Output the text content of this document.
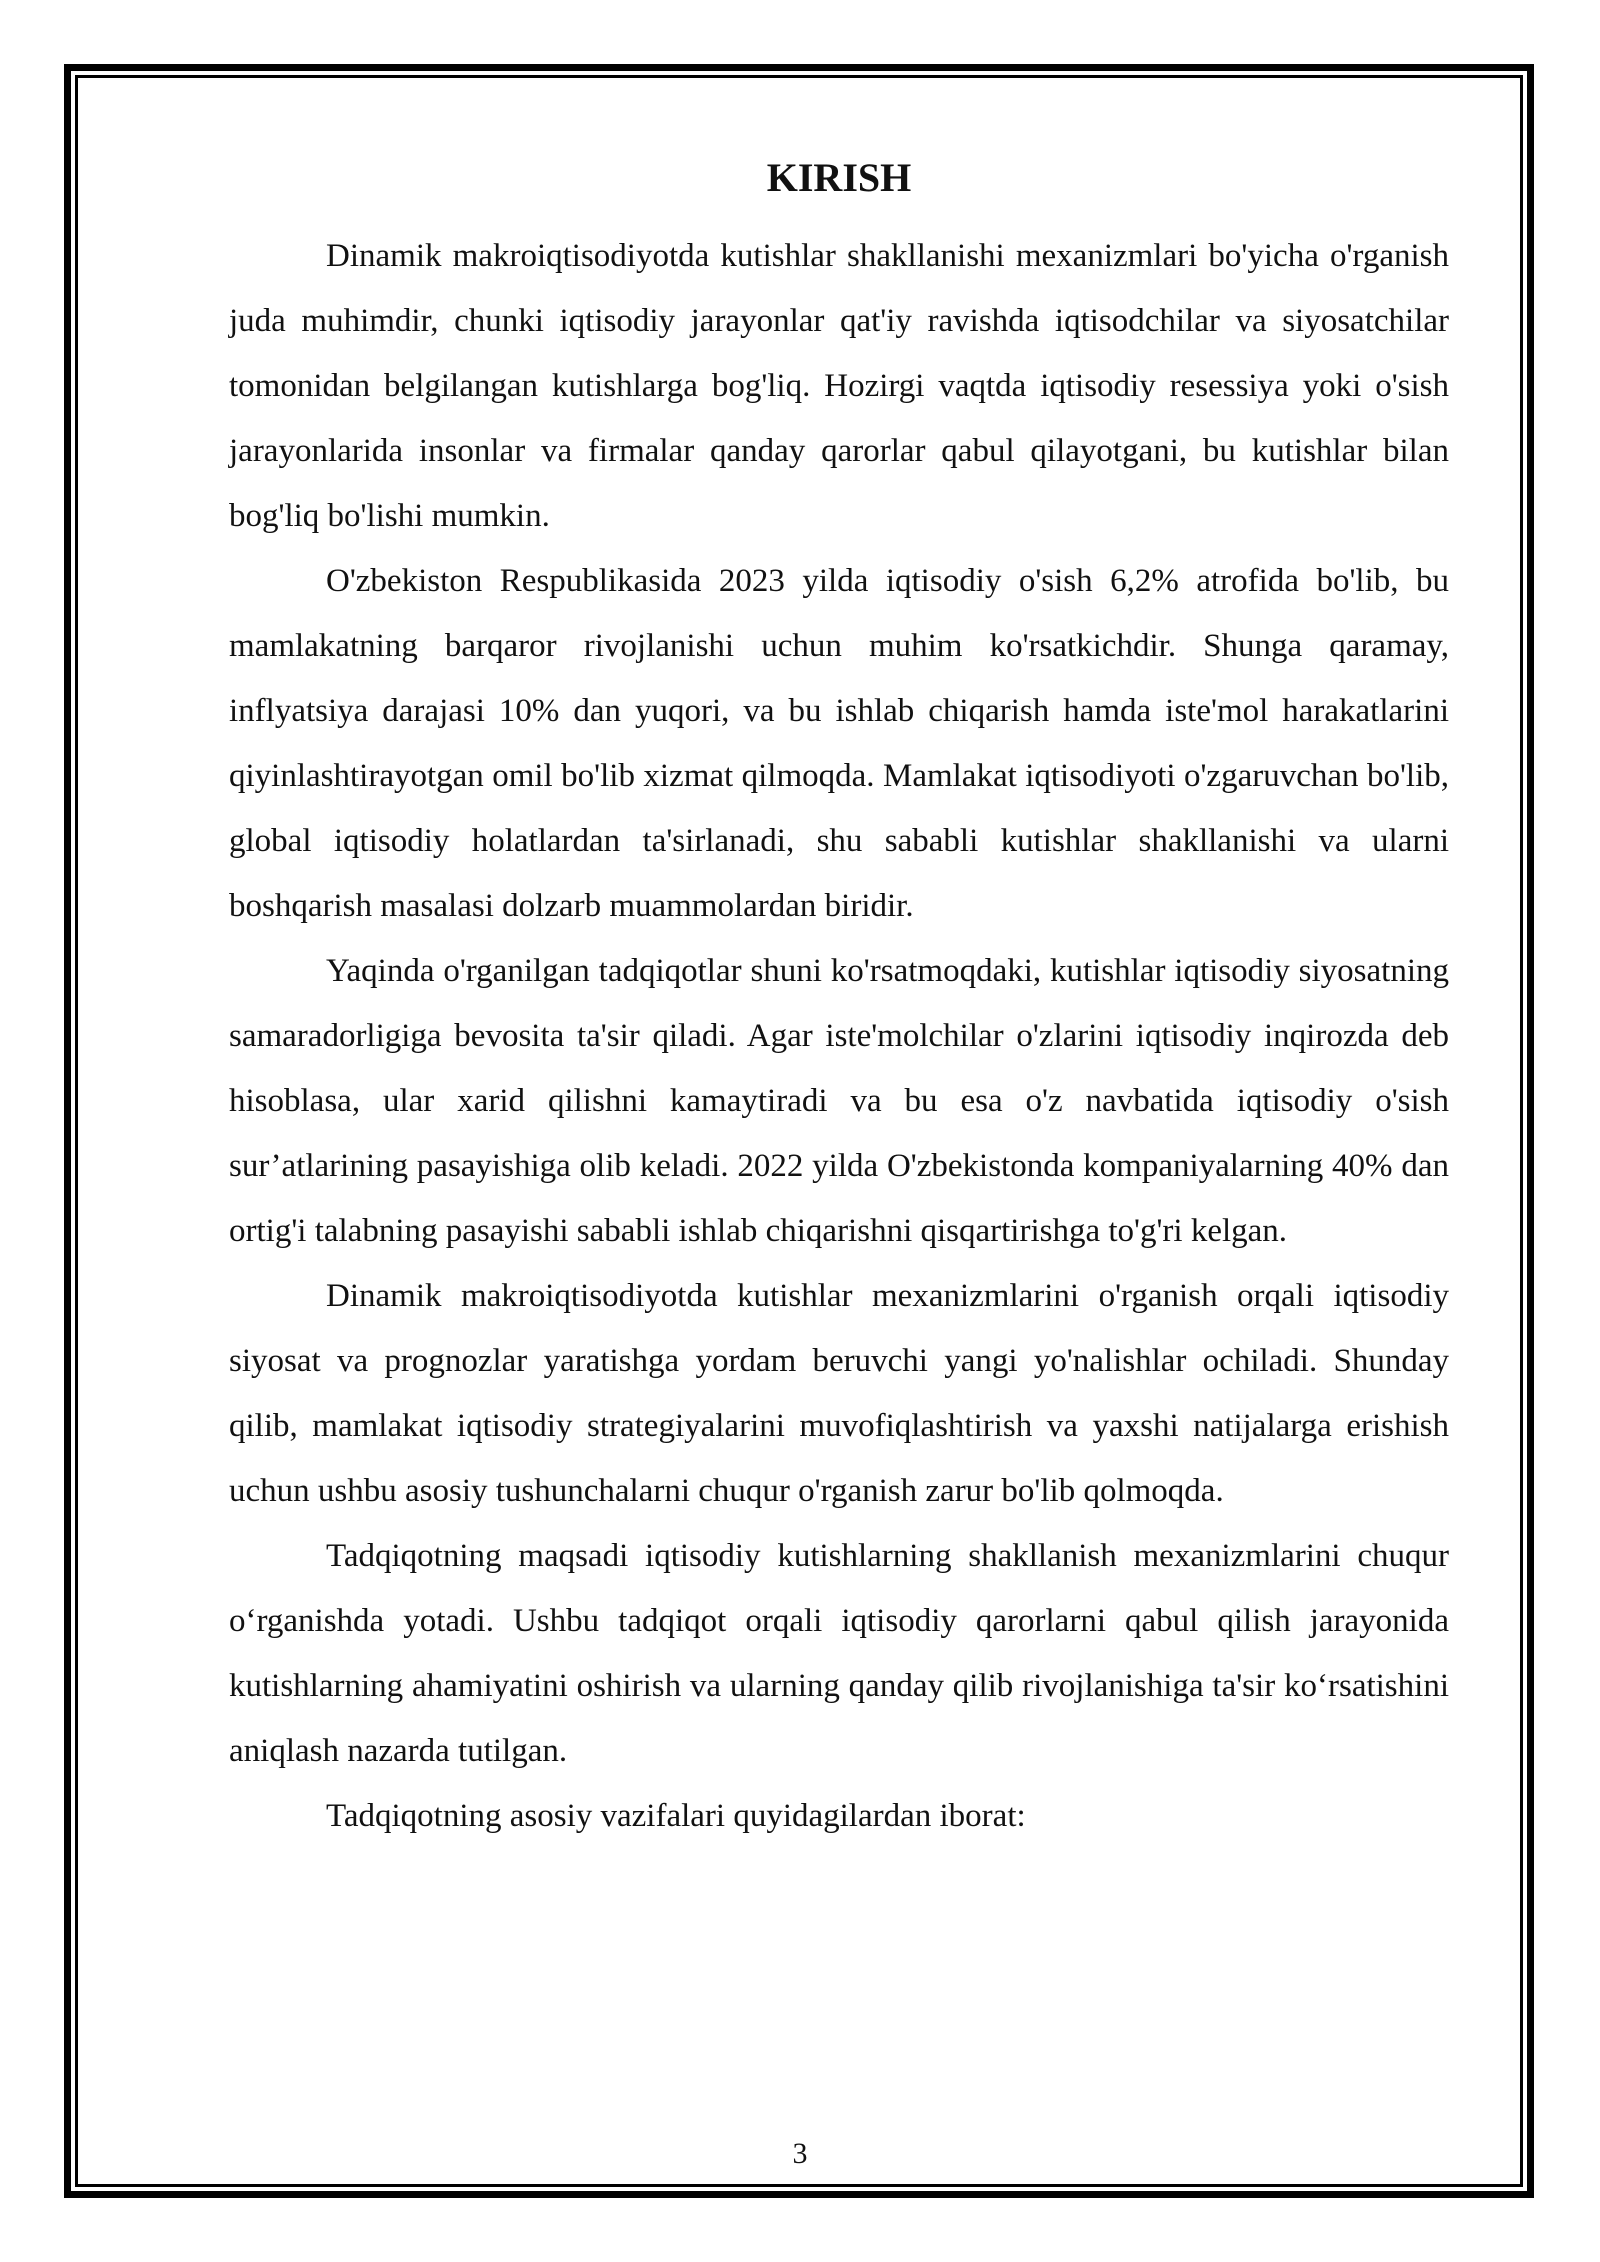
KIRISH

Dinamik makroiqtisodiyotda kutishlar shakllanishi mexanizmlari bo'yicha o'rganish juda muhimdir, chunki iqtisodiy jarayonlar qat'iy ravishda iqtisodchilar va siyosatchilar tomonidan belgilangan kutishlarga bog'liq. Hozirgi vaqtda iqtisodiy resessiya yoki o'sish jarayonlarida insonlar va firmalar qanday qarorlar qabul qilayotgani, bu kutishlar bilan bog'liq bo'lishi mumkin.

O'zbekiston Respublikasida 2023 yilda iqtisodiy o'sish 6,2% atrofida bo'lib, bu mamlakatning barqaror rivojlanishi uchun muhim ko'rsatkichdir. Shunga qaramay, inflyatsiya darajasi 10% dan yuqori, va bu ishlab chiqarish hamda iste'mol harakatlarini qiyinlashtirayotgan omil bo'lib xizmat qilmoqda. Mamlakat iqtisodiyoti o'zgaruvchan bo'lib, global iqtisodiy holatlardan ta'sirlanadi, shu sababli kutishlar shakllanishi va ularni boshqarish masalasi dolzarb muammolardan biridir.

Yaqinda o'rganilgan tadqiqotlar shuni ko'rsatmoqdaki, kutishlar iqtisodiy siyosatning samaradorligiga bevosita ta'sir qiladi. Agar iste'molchilar o'zlarini iqtisodiy inqirozda deb hisoblasa, ular xarid qilishni kamaytiradi va bu esa o'z navbatida iqtisodiy o'sish sur’atlarining pasayishiga olib keladi. 2022 yilda O'zbekistonda kompaniyalarning 40% dan ortig'i talabning pasayishi sababli ishlab chiqarishni qisqartirishga to'g'ri kelgan.

Dinamik makroiqtisodiyotda kutishlar mexanizmlarini o'rganish orqali iqtisodiy siyosat va prognozlar yaratishga yordam beruvchi yangi yo'nalishlar ochiladi. Shunday qilib, mamlakat iqtisodiy strategiyalarini muvofiqlashtirish va yaxshi natijalarga erishish uchun ushbu asosiy tushunchalarni chuqur o'rganish zarur bo'lib qolmoqda.

Tadqiqotning maqsadi iqtisodiy kutishlarning shakllanish mexanizmlarini chuqur o‘rganishda yotadi. Ushbu tadqiqot orqali iqtisodiy qarorlarni qabul qilish jarayonida kutishlarning ahamiyatini oshirish va ularning qanday qilib rivojlanishiga ta'sir ko‘rsatishini aniqlash nazarda tutilgan.

Tadqiqotning asosiy vazifalari quyidagilardan iborat:

3
